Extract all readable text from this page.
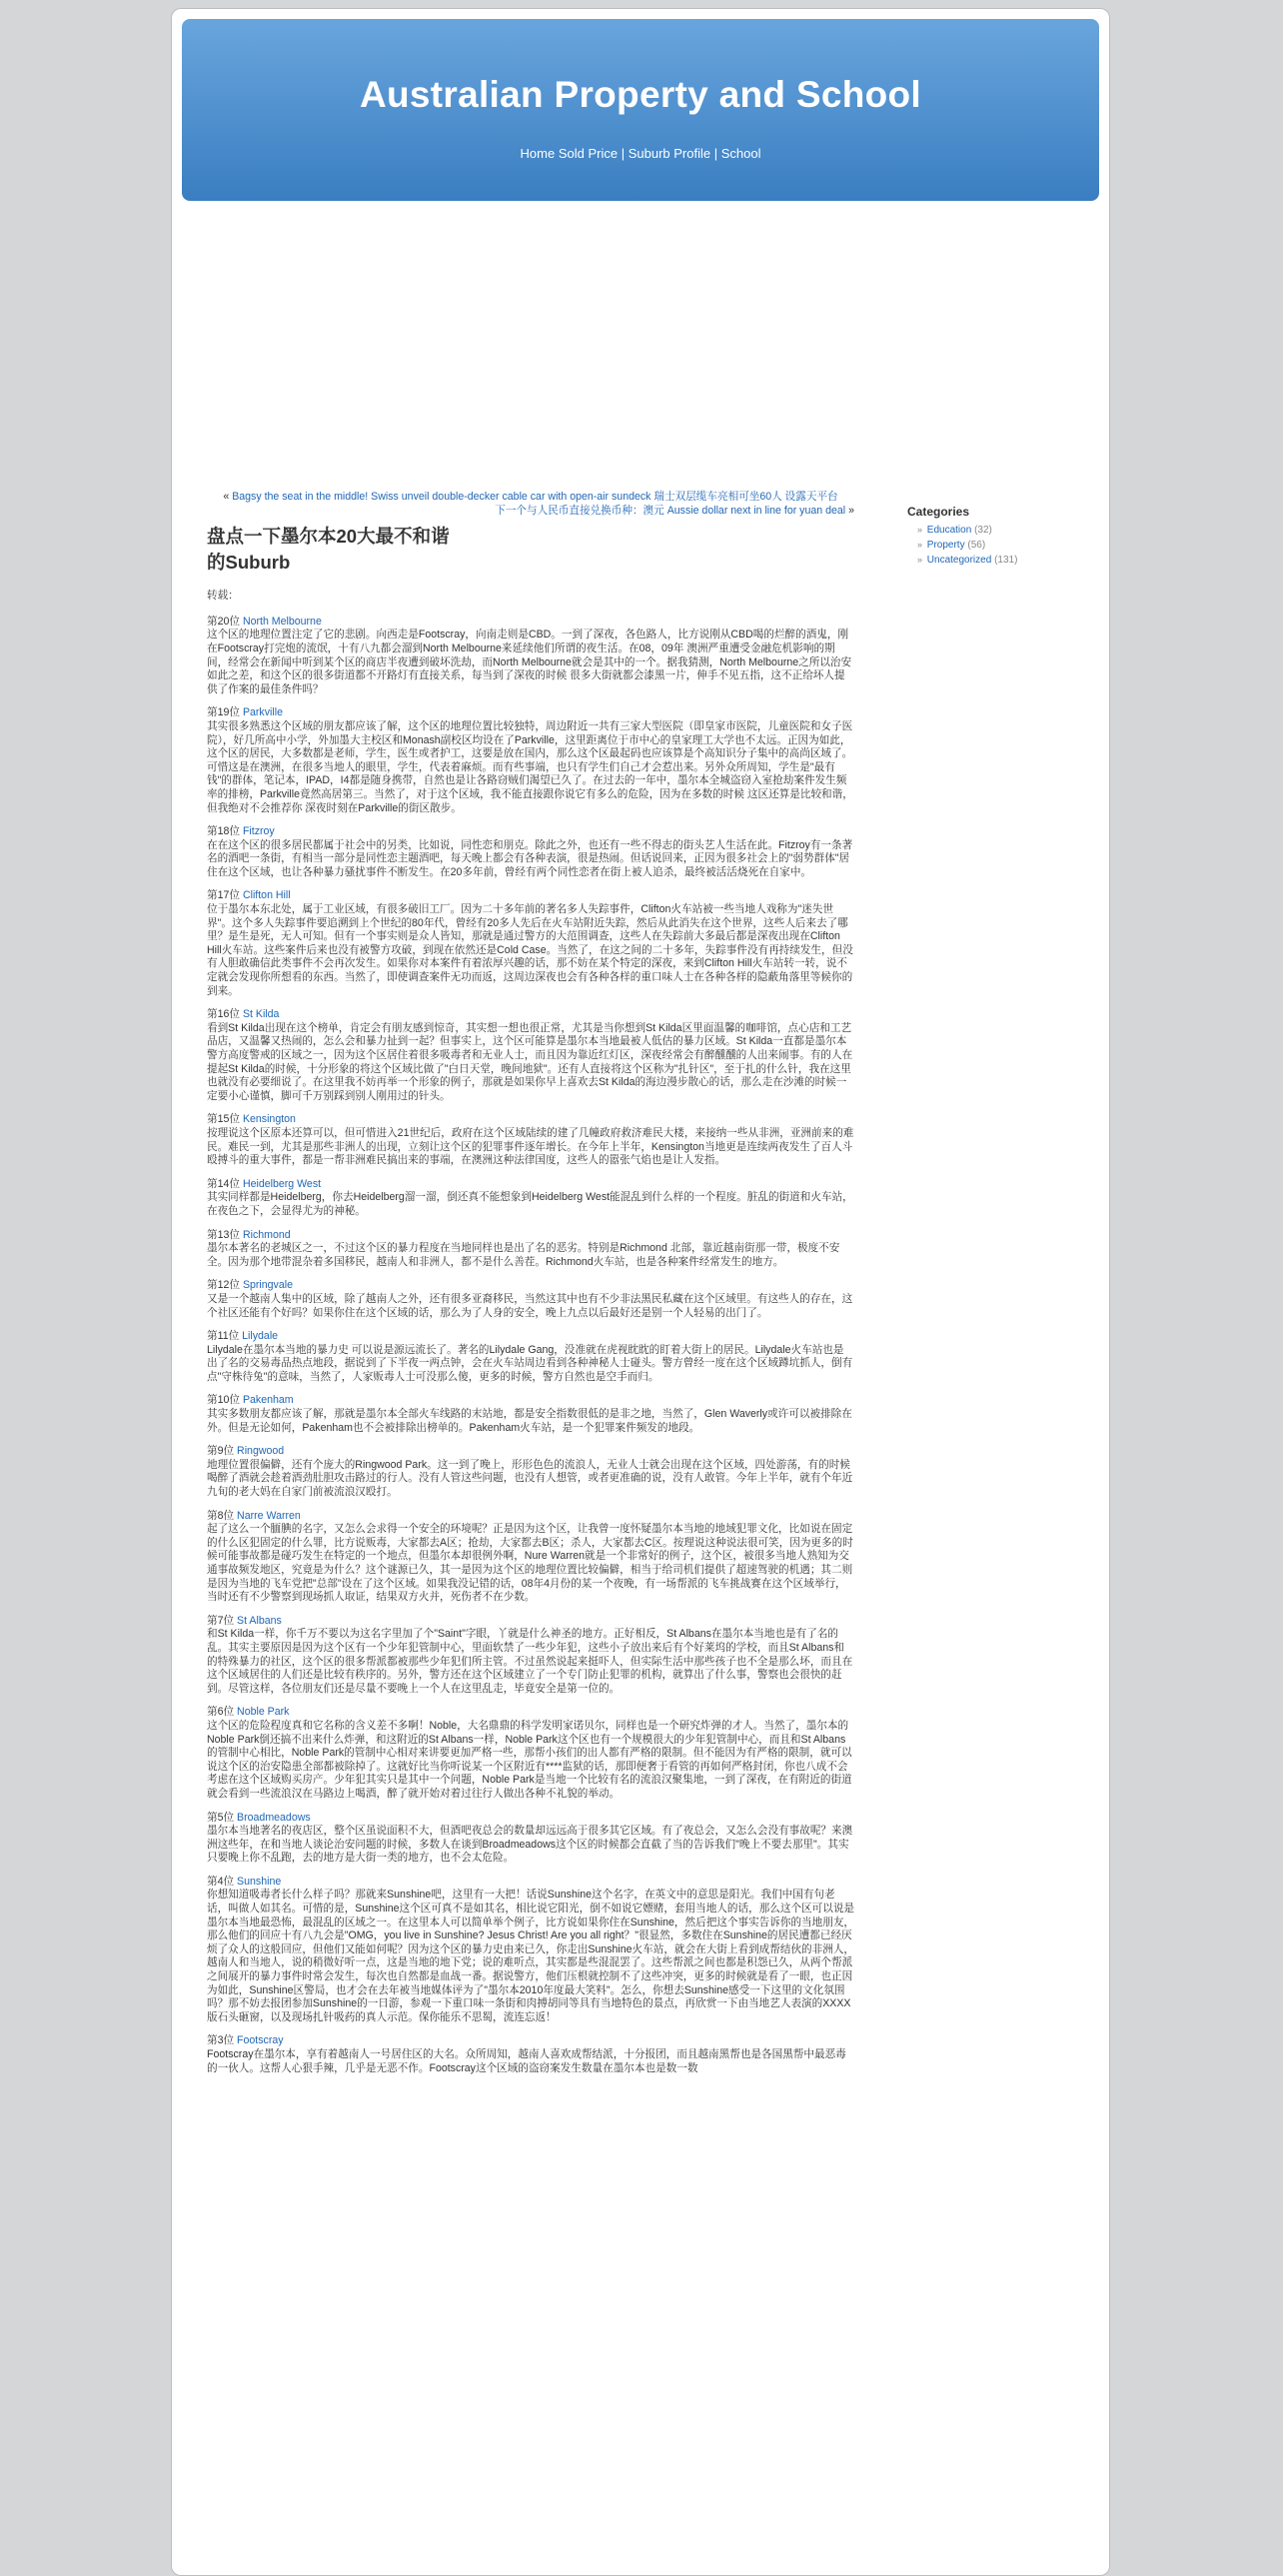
Australian Property and School
Home Sold Price | Suburb Profile | School
« Bagsy the seat in the middle! Swiss unveil double-decker cable car with open-air sundeck 瑞士双层缆车亮相可坐60人 设露天平台
下一个与人民币直接兑换币种：澳元 Aussie dollar next in line for yuan deal »
盘点一下墨尔本20大最不和谐的Suburb
转载：
第20位 North Melbourne
这个区的地理位置注定了它的悲剧。向西走是Footscray，向南走则是CBD。一到了深夜，各色路人，比方说刚从CBD喝的烂醉的酒鬼，刚在Footscray打完炮的流氓，十有八九都会溜到North Melbourne来延续他们所谓的夜生活。在08，09年 澳洲严重遭受金融危机影响的期间，经常会在新闻中听到某个区的商店半夜遭到破坏洗劫，而North Melbourne就会是其中的一个。据我猜测，North Melbourne之所以治安如此之差，和这个区的很多街道都不开路灯有直接关系，每当到了深夜的时候 很多大街就都会漆黑一片，伸手不见五指，这不正给坏人提供了作案的最佳条件吗？
第19位 Parkville
其实很多熟悉这个区域的朋友都应该了解，这个区的地理位置比较独特，周边附近一共有三家大型医院（即皇家市医院，儿童医院和女子医院），好几所高中小学，外加墨大主校区和Monash副校区均设在了Parkville，这里距离位于市中心的皇家理工大学也不太远。正因为如此，这个区的居民，大多数都是老师，学生，医生或者护工，这要是放在国内，那么这个区最起码也应该算是个高知识分子集中的高尚区域了。可惜这是在澳洲，在很多当地人的眼里，学生，代表着麻烦。而有些事端，也只有学生们自己才会惹出来。另外众所周知，学生是"最有钱"的群体，笔记本，IPAD，I4都是随身携带，自然也是让各路窃贼们渴望已久了。在过去的一年中，墨尔本全城盗窃入室抢劫案件发生频率的排榜，Parkville竟然高居第三。当然了，对于这个区域，我不能直接跟你说它有多么的危险，因为在多数的时候 这区还算是比较和谐，但我绝对不会推荐你 深夜时刻在Parkville的街区散步。
第18位 Fitzroy
在在这个区的很多居民都属于社会中的另类，比如说，同性恋和朋克。除此之外，也还有一些不得志的街头艺人生活在此。Fitzroy有一条著名的酒吧一条街，有相当一部分是同性恋主题酒吧，每天晚上都会有各种表演，很是热闹。但话说回来，正因为很多社会上的"弱势群体"居住在这个区域，也让各种暴力骚扰事件不断发生。在20多年前，曾经有两个同性恋者在街上被人追杀，最终被活活烧死在自家中。
第17位 Clifton Hill
位于墨尔本东北处，属于工业区域，有很多破旧工厂。因为二十多年前的著名多人失踪事件，Clifton火车站被一些当地人戏称为"迷失世界"。这个多人失踪事件要追溯到上个世纪的80年代，曾经有20多人先后在火车站附近失踪，然后从此消失在这个世界，这些人后来去了哪里？是生是死，无人可知。但有一个事实则是众人皆知，那就是通过警方的大范围调查，这些人在失踪前大多最后都是深夜出现在Clifton Hill火车站。这些案件后来也没有被警方攻破，到现在依然还是Cold Case。当然了，在这之间的二十多年，失踪事件没有再持续发生，但没有人胆敢确信此类事件不会再次发生。如果你对本案件有着浓厚兴趣的话，那不妨在某个特定的深夜，来到Clifton Hill火车站转一转，说不定就会发现你所想看的东西。当然了，即使调查案件无功而返，这周边深夜也会有各种各样的重口味人士在各种各样的隐蔽角落里等候你的到来。
第16位 St Kilda
看到St Kilda出现在这个榜单，肯定会有朋友感到惊奇，其实想一想也很正常，尤其是当你想到St Kilda区里面温馨的咖啡馆，点心店和工艺品店，又温馨又热闹的，怎么会和暴力扯到一起？但事实上，这个区可能算是墨尔本当地最被人低估的暴力区域。St Kilda一直都是墨尔本警方高度警戒的区域之一，因为这个区居住着很多吸毒者和无业人士，而且因为靠近红灯区，深夜经常会有醉醺醺的人出来闹事。有的人在提起St Kilda的时候，十分形象的将这个区域比做了"白日天堂，晚间地狱"。还有人直接将这个区称为"扎针区"，至于扎的什么针，我在这里也就没有必要细说了。在这里我不妨再举一个形象的例子，那就是如果你早上喜欢去St Kilda的海边漫步散心的话，那么走在沙滩的时候一定要小心谨慎，脚可千万别踩到别人刚用过的针头。
第15位 Kensington
按理说这个区原本还算可以，但可惜进入21世纪后，政府在这个区域陆续的建了几幢政府救济难民大楼，来接纳一些从非洲，亚洲前来的难民。难民一到，尤其是那些非洲人的出现，立刻让这个区的犯罪事件逐年增长。在今年上半年，Kensington当地更是连续两夜发生了百人斗殴搏斗的重大事件，都是一帮非洲难民搞出来的事端，在澳洲这种法律国度，这些人的嚣张气焰也是让人发指。
第14位 Heidelberg West
其实同样都是Heidelberg，你去Heidelberg溜一溜，倒还真不能想象到Heidelberg West能混乱到什么样的一个程度。脏乱的街道和火车站，在夜色之下，会显得尤为的神秘。
第13位 Richmond
墨尔本著名的老城区之一，不过这个区的暴力程度在当地同样也是出了名的恶劣。特别是Richmond 北部，靠近越南街那一带，极度不安全。因为那个地带混杂着多国移民，越南人和非洲人，都不是什么善茬。Richmond火车站，也是各种案件经常发生的地方。
第12位 Springvale
又是一个越南人集中的区域，除了越南人之外，还有很多亚裔移民，当然这其中也有不少非法黑民私藏在这个区域里。有这些人的存在，这个社区还能有个好吗？如果你住在这个区域的话，那么为了人身的安全，晚上九点以后最好还是别一个人轻易的出门了。
第11位 Lilydale
Lilydale在墨尔本当地的暴力史 可以说是源远流长了。著名的Lilydale Gang，没准就在虎视眈眈的盯着大街上的居民。Lilydale火车站也是出了名的交易毒品热点地段，据说到了下半夜一两点钟，会在火车站周边看到各种神秘人士碰头。警方曾经一度在这个区域蹲坑抓人，倒有点"守株待兔"的意味，当然了，人家贩毒人士可没那么傻，更多的时候，警方自然也是空手而归。
第10位 Pakenham
其实多数朋友都应该了解，那就是墨尔本全部火车线路的末站地，都是安全指数很低的是非之地，当然了，Glen Waverly或许可以被排除在外。但是无论如何，Pakenham也不会被排除出榜单的。Pakenham火车站，是一个犯罪案件频发的地段。
第9位 Ringwood
地理位置很偏僻，还有个庞大的Ringwood Park。这一到了晚上，形形色色的流浪人，无业人士就会出现在这个区域，四处游荡，有的时候喝醉了酒就会趁着酒劲肚胆攻击路过的行人。没有人管这些问题，也没有人想管，或者更准确的说，没有人敢管。今年上半年，就有个年近九旬的老大妈在自家门前被流浪汉殴打。
第8位 Narre Warren
起了这么一个腼腆的名字，又怎么会求得一个安全的环境呢？正是因为这个区，让我曾一度怀疑墨尔本当地的地域犯罪文化，比如说在固定的什么区犯固定的什么罪，比方说贩毒，大家都去A区；抢劫，大家都去B区；杀人，大家都去C区。按理说这种说法很可笑，因为更多的时候可能事故都是碰巧发生在特定的一个地点，但墨尔本却很例外啊，Nure Warren就是一个非常好的例子，这个区，被很多当地人熟知为交通事故频发地区，究竟是为什么？这个谜源已久，其一是因为这个区的地理位置比较偏僻，相当于给司机们提供了超速驾驶的机遇；其二则是因为当地的飞车党把"总部"设在了这个区域。如果我没记错的话，08年4月份的某一个夜晚，有一场帮派的飞车挑战赛在这个区域举行，当时还有不少警察到现场抓人取证，结果双方火并，死伤者不在少数。
第7位 St Albans
和St Kilda一样，你千万不要以为这名字里加了个"Saint"字眼，丫就是什么神圣的地方。正好相反，St Albans在墨尔本当地也是有了名的乱。其实主要原因是因为这个区有一个少年犯管制中心，里面软禁了一些少年犯，这些小子放出来后有个好莱坞的学校，而且St Albans和的特殊暴力的社区，这个区的很多帮派都被那些少年犯们所主管。不过虽然说起来挺吓人，但实际生活中那些孩子也不全是那么坏，而且在这个区域居住的人们还是比较有秩序的。另外，警方还在这个区域建立了一个专门防止犯罪的机构，就算出了什么事，警察也会很快的赶到。尽管这样，各位朋友们还是尽量不要晚上一个人在这里乱走，毕竟安全是第一位的。
第6位 Noble Park
这个区的危险程度真和它名称的含义差不多啊！Noble，大名鼎鼎的科学发明家诺贝尔，同样也是一个研究炸弹的才人。当然了，墨尔本的Noble Park倒还搞不出来什么炸弹，和这附近的St Albans一样，Noble Park这个区也有一个规模很大的少年犯管制中心，而且和St Albans的管制中心相比，Noble Park的管制中心相对来讲要更加严格一些，那帮小孩们的出人都有严格的限制。但不能因为有严格的限制，就可以说这个区的治安隐患全部都被除掉了。这就好比当你听说某一个区附近有****监狱的话，那即便奢于看管的再如何严格封闭，你也八成不会考虑在这个区域购买房产。少年犯其实只是其中一个问题，Noble Park是当地一个比较有名的流浪汉聚集地，一到了深夜，在有附近的街道就会看到一些流浪汉在马路边上喝酒，醉了就开始对着过往行人做出各种不礼貌的举动。
第5位 Broadmeadows
墨尔本当地著名的夜店区，整个区虽说面积不大，但酒吧夜总会的数量却远远高于很多其它区域。有了夜总会，又怎么会没有事故呢？来澳洲这些年，在和当地人谈论治安问题的时候，多数人在谈到Broadmeadows这个区的时候都会直截了当的告诉我们"晚上不要去那里"。其实只要晚上你不乱跑，去的地方是大街一类的地方，也不会太危险。
第4位 Sunshine
你想知道吸毒者长什么样子吗？那就来Sunshine吧，这里有一大把！话说Sunshine这个名字，在英文中的意思是阳光。我们中国有句老话，叫做人如其名。可惜的是，Sunshine这个区可真不是如其名，相比说它阳光，倒不如说它嫖赌，套用当地人的话，那么这个区可以说是墨尔本当地最恐怖，最混乱的区域之一。在这里本人可以简单举个例子，比方说如果你住在Sunshine，然后把这个事实告诉你的当地朋友，那么他们的回应十有八九会是"OMG，you live in Sunshine? Jesus Christ! Are you all right？"很显然，多数住在Sunshine的居民遭都已经厌烦了众人的这般回应，但他们又能如何呢？因为这个区的暴力史由来已久，你走出Sunshine火车站，就会在大街上看到成帮结伙的非洲人，越南人和当地人，说的稍微好听一点，这是当地的地下党；说的难听点，其实都是些混混罢了。这些帮派之间也都是积怨已久，从两个帮派之间展开的暴力事件时常会发生，每次也自然都是血战一番。据说警方，他们压根就控制不了这些冲突，更多的时候就是看了一眼，也正因为如此，Sunshine区警局，也才会在去年被当地媒体评为了"墨尔本2010年度最大笑料"。怎么，你想去Sunshine感受一下这里的文化氛围吗？那不妨去报团参加Sunshine的一日游，参观一下重口味一条街和肉搏胡同等具有当地特色的景点，再欣赏一下由当地艺人表演的XXXX版石头砸窗，以及现场扎针吸药的真人示范。保你能乐不思蜀，流连忘返！
第3位 Footscray
Footscray在墨尔本，享有着越南人一号居住区的大名。众所周知，越南人喜欢成帮结派，十分报团，而且越南黑帮也是各国黑帮中最恶毒的一伙人。这帮人心狠手辣，几乎是无恶不作。Footscray这个区域的盗窃案发生数量在墨尔本也是数一数
Categories
» Education (32)
» Property (56)
» Uncategorized (131)
